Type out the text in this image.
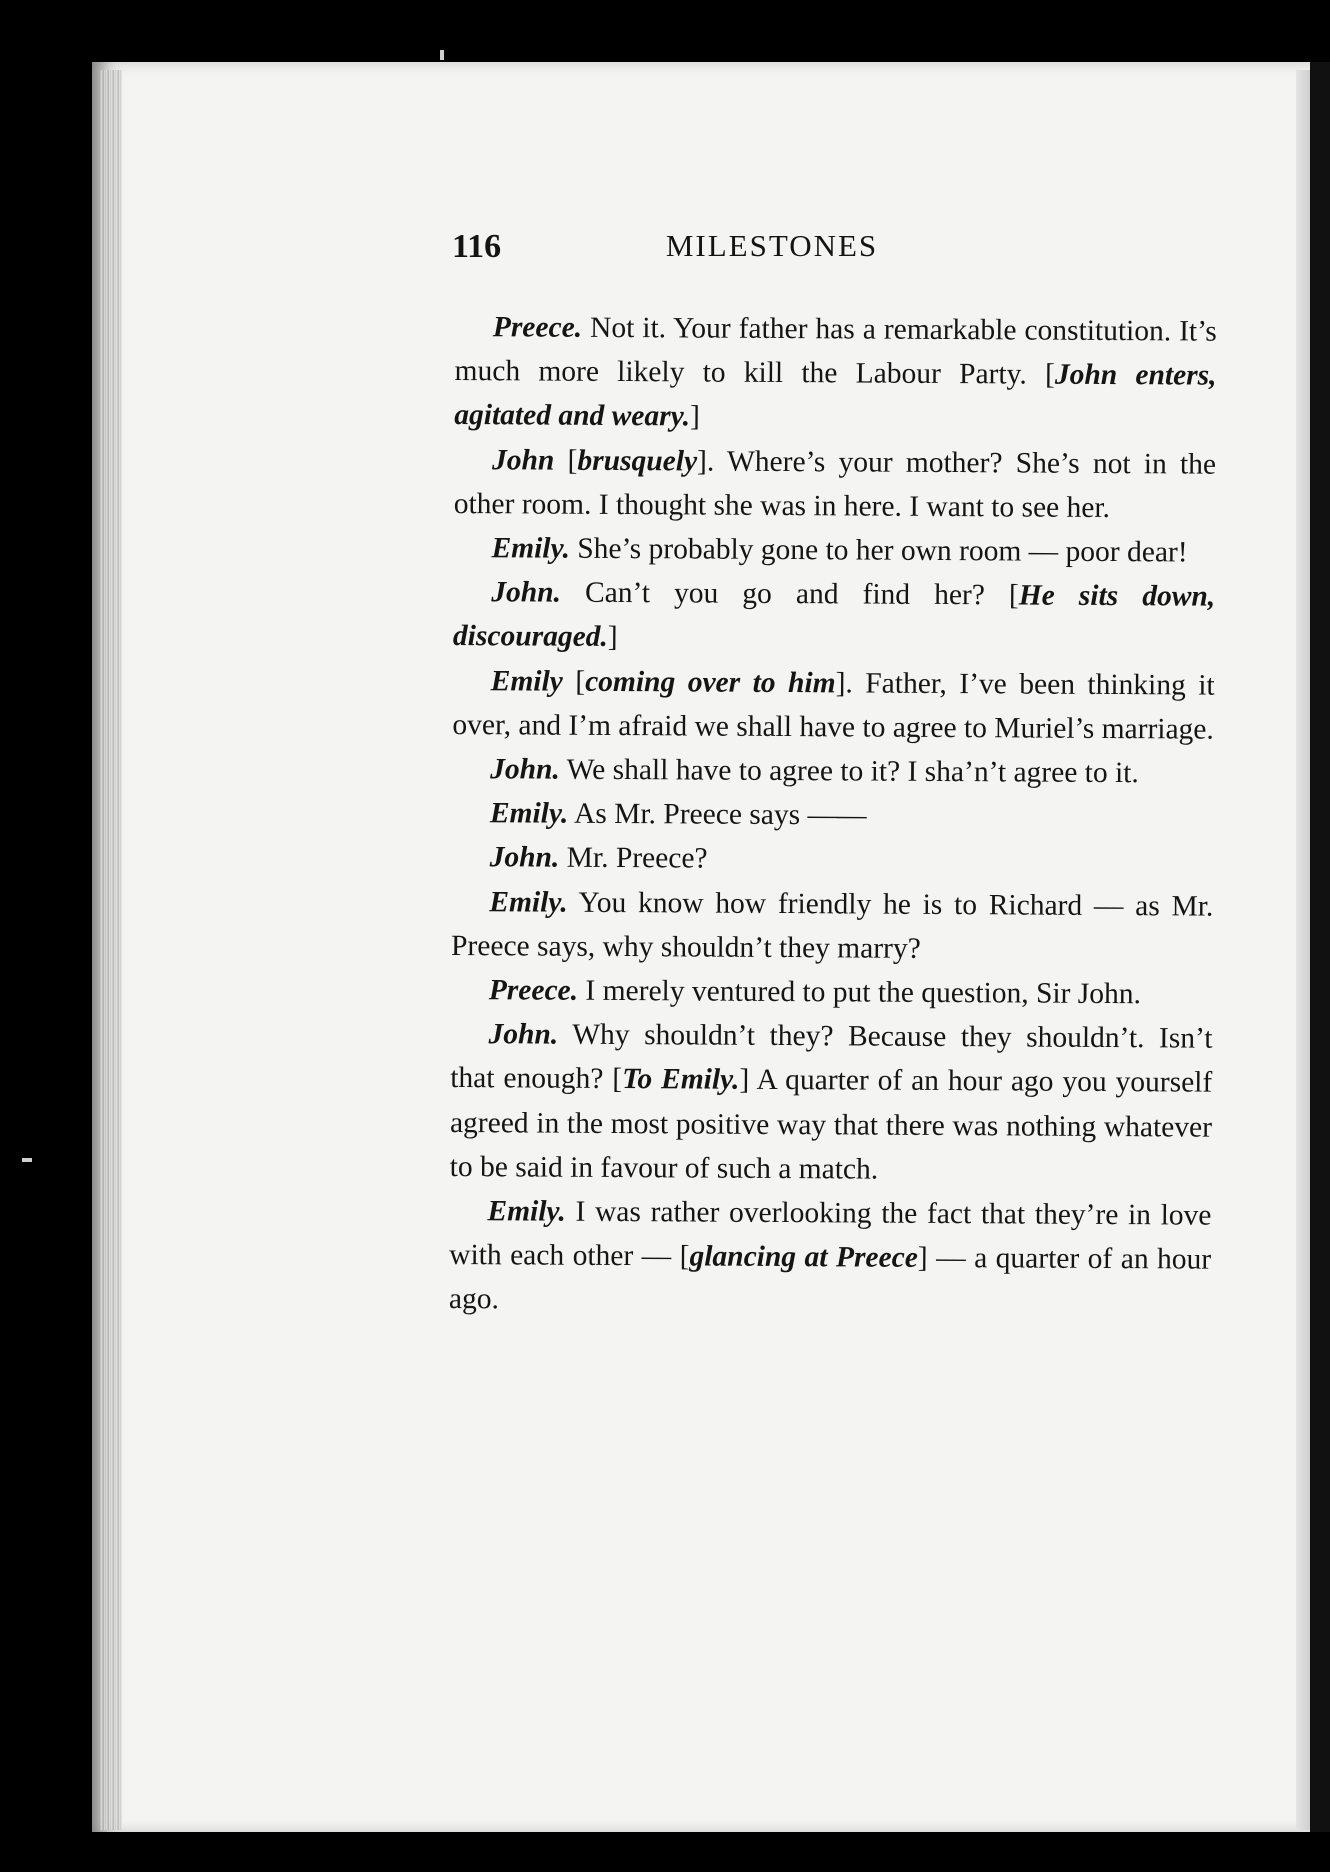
116	MILESTONES

Preece. Not it. Your father has a remarkable constitution. It’s much more likely to kill the Labour Party. [John enters, agitated and weary.]

John [brusquely]. Where’s your mother? She’s not in the other room. I thought she was in here. I want to see her.

Emily. She’s probably gone to her own room — poor dear!

John. Can’t you go and find her? [He sits down, discouraged.]

Emily [coming over to him]. Father, I’ve been thinking it over, and I’m afraid we shall have to agree to Muriel’s marriage.

John. We shall have to agree to it? I sha’n’t agree to it.

Emily. As Mr. Preece says ——

John. Mr. Preece?

Emily. You know how friendly he is to Richard — as Mr. Preece says, why shouldn’t they marry?

Preece. I merely ventured to put the question, Sir John.

John. Why shouldn’t they? Because they shouldn’t. Isn’t that enough? [To Emily.] A quarter of an hour ago you yourself agreed in the most positive way that there was nothing whatever to be said in favour of such a match.

Emily. I was rather overlooking the fact that they’re in love with each other — [glancing at Preece] — a quarter of an hour ago.
